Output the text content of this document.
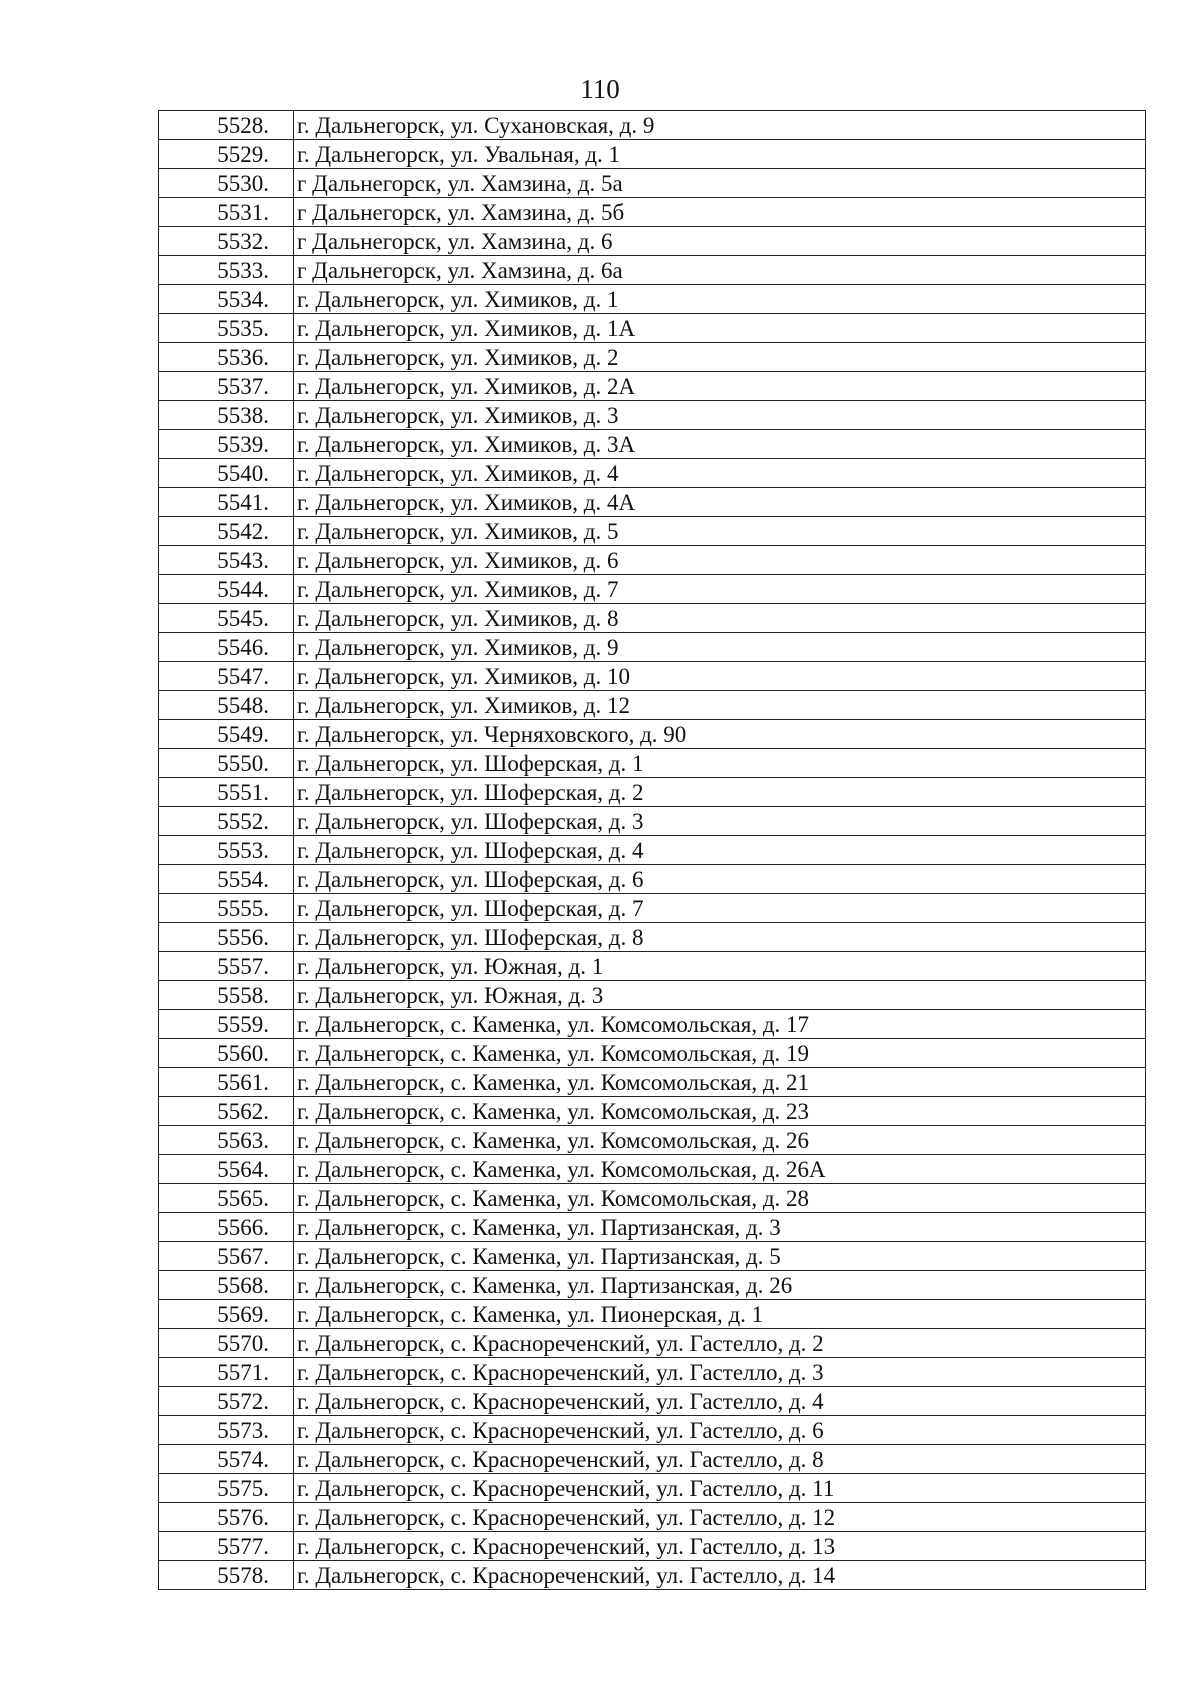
110
5528.	г. Дальнегорск, ул. Сухановская, д. 9
5529.	г. Дальнегорск, ул. Увальная, д. 1
5530.	г Дальнегорск, ул. Хамзина, д. 5а
5531.	г Дальнегорск, ул. Хамзина, д. 5б
5532.	г Дальнегорск, ул. Хамзина, д. 6
5533.	г Дальнегорск, ул. Хамзина, д. 6а
5534.	г. Дальнегорск, ул. Химиков, д. 1
5535.	г. Дальнегорск, ул. Химиков, д. 1А
5536.	г. Дальнегорск, ул. Химиков, д. 2
5537.	г. Дальнегорск, ул. Химиков, д. 2А
5538.	г. Дальнегорск, ул. Химиков, д. 3
5539.	г. Дальнегорск, ул. Химиков, д. 3А
5540.	г. Дальнегорск, ул. Химиков, д. 4
5541.	г. Дальнегорск, ул. Химиков, д. 4А
5542.	г. Дальнегорск, ул. Химиков, д. 5
5543.	г. Дальнегорск, ул. Химиков, д. 6
5544.	г. Дальнегорск, ул. Химиков, д. 7
5545.	г. Дальнегорск, ул. Химиков, д. 8
5546.	г. Дальнегорск, ул. Химиков, д. 9
5547.	г. Дальнегорск, ул. Химиков, д. 10
5548.	г. Дальнегорск, ул. Химиков, д. 12
5549.	г. Дальнегорск, ул. Черняховского, д. 90
5550.	г. Дальнегорск, ул. Шоферская, д. 1
5551.	г. Дальнегорск, ул. Шоферская, д. 2
5552.	г. Дальнегорск, ул. Шоферская, д. 3
5553.	г. Дальнегорск, ул. Шоферская, д. 4
5554.	г. Дальнегорск, ул. Шоферская, д. 6
5555.	г. Дальнегорск, ул. Шоферская, д. 7
5556.	г. Дальнегорск, ул. Шоферская, д. 8
5557.	г. Дальнегорск, ул. Южная, д. 1
5558.	г. Дальнегорск, ул. Южная, д. 3
5559.	г. Дальнегорск, с. Каменка, ул. Комсомольская, д. 17
5560.	г. Дальнегорск, с. Каменка, ул. Комсомольская, д. 19
5561.	г. Дальнегорск, с. Каменка, ул. Комсомольская, д. 21
5562.	г. Дальнегорск, с. Каменка, ул. Комсомольская, д. 23
5563.	г. Дальнегорск, с. Каменка, ул. Комсомольская, д. 26
5564.	г. Дальнегорск, с. Каменка, ул. Комсомольская, д. 26А
5565.	г. Дальнегорск, с. Каменка, ул. Комсомольская, д. 28
5566.	г. Дальнегорск, с. Каменка, ул. Партизанская, д. 3
5567.	г. Дальнегорск, с. Каменка, ул. Партизанская, д. 5
5568.	г. Дальнегорск, с. Каменка, ул. Партизанская, д. 26
5569.	г. Дальнегорск, с. Каменка, ул. Пионерская, д. 1
5570.	г. Дальнегорск, с. Краснореченский, ул. Гастелло, д. 2
5571.	г. Дальнегорск, с. Краснореченский, ул. Гастелло, д. 3
5572.	г. Дальнегорск, с. Краснореченский, ул. Гастелло, д. 4
5573.	г. Дальнегорск, с. Краснореченский, ул. Гастелло, д. 6
5574.	г. Дальнегорск, с. Краснореченский, ул. Гастелло, д. 8
5575.	г. Дальнегорск, с. Краснореченский, ул. Гастелло, д. 11
5576.	г. Дальнегорск, с. Краснореченский, ул. Гастелло, д. 12
5577.	г. Дальнегорск, с. Краснореченский, ул. Гастелло, д. 13
5578.	г. Дальнегорск, с. Краснореченский, ул. Гастелло, д. 14
